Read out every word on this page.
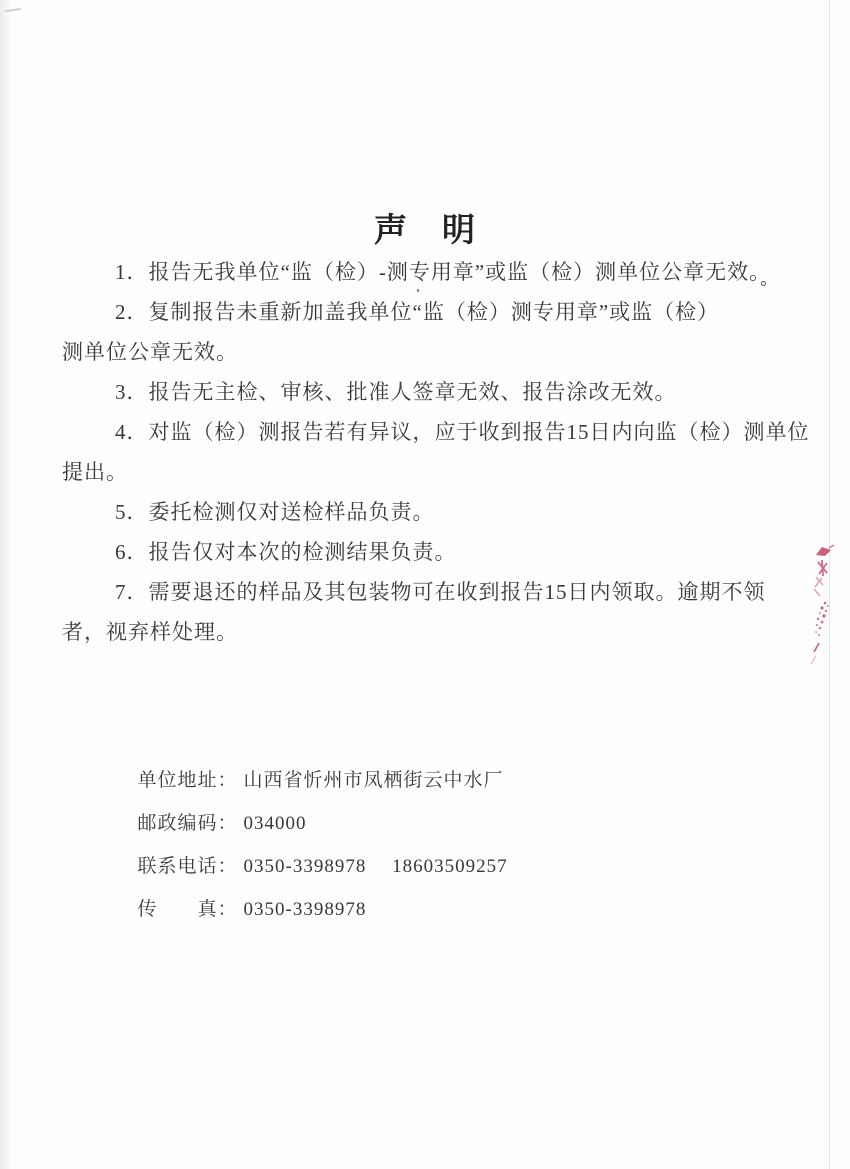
声　明
1．报告无我单位“监（检）-测专用章”或监（检）测单位公章无效。
2．复制报告未重新加盖我单位“监（检）测专用章”或监（检）
测单位公章无效。
3．报告无主检、审核、批准人签章无效、报告涂改无效。
4．对监（检）测报告若有异议，应于收到报告15日内向监（检）测单位
提出。
5．委托检测仅对送检样品负责。
6．报告仅对本次的检测结果负责。
7．需要退还的样品及其包装物可在收到报告15日内领取。逾期不领
者，视弃样处理。

单位地址： 山西省忻州市凤栖街云中水厂

邮政编码： 034000

联系电话： 0350-3398978　 18603509257

传　　真： 0350-3398978
